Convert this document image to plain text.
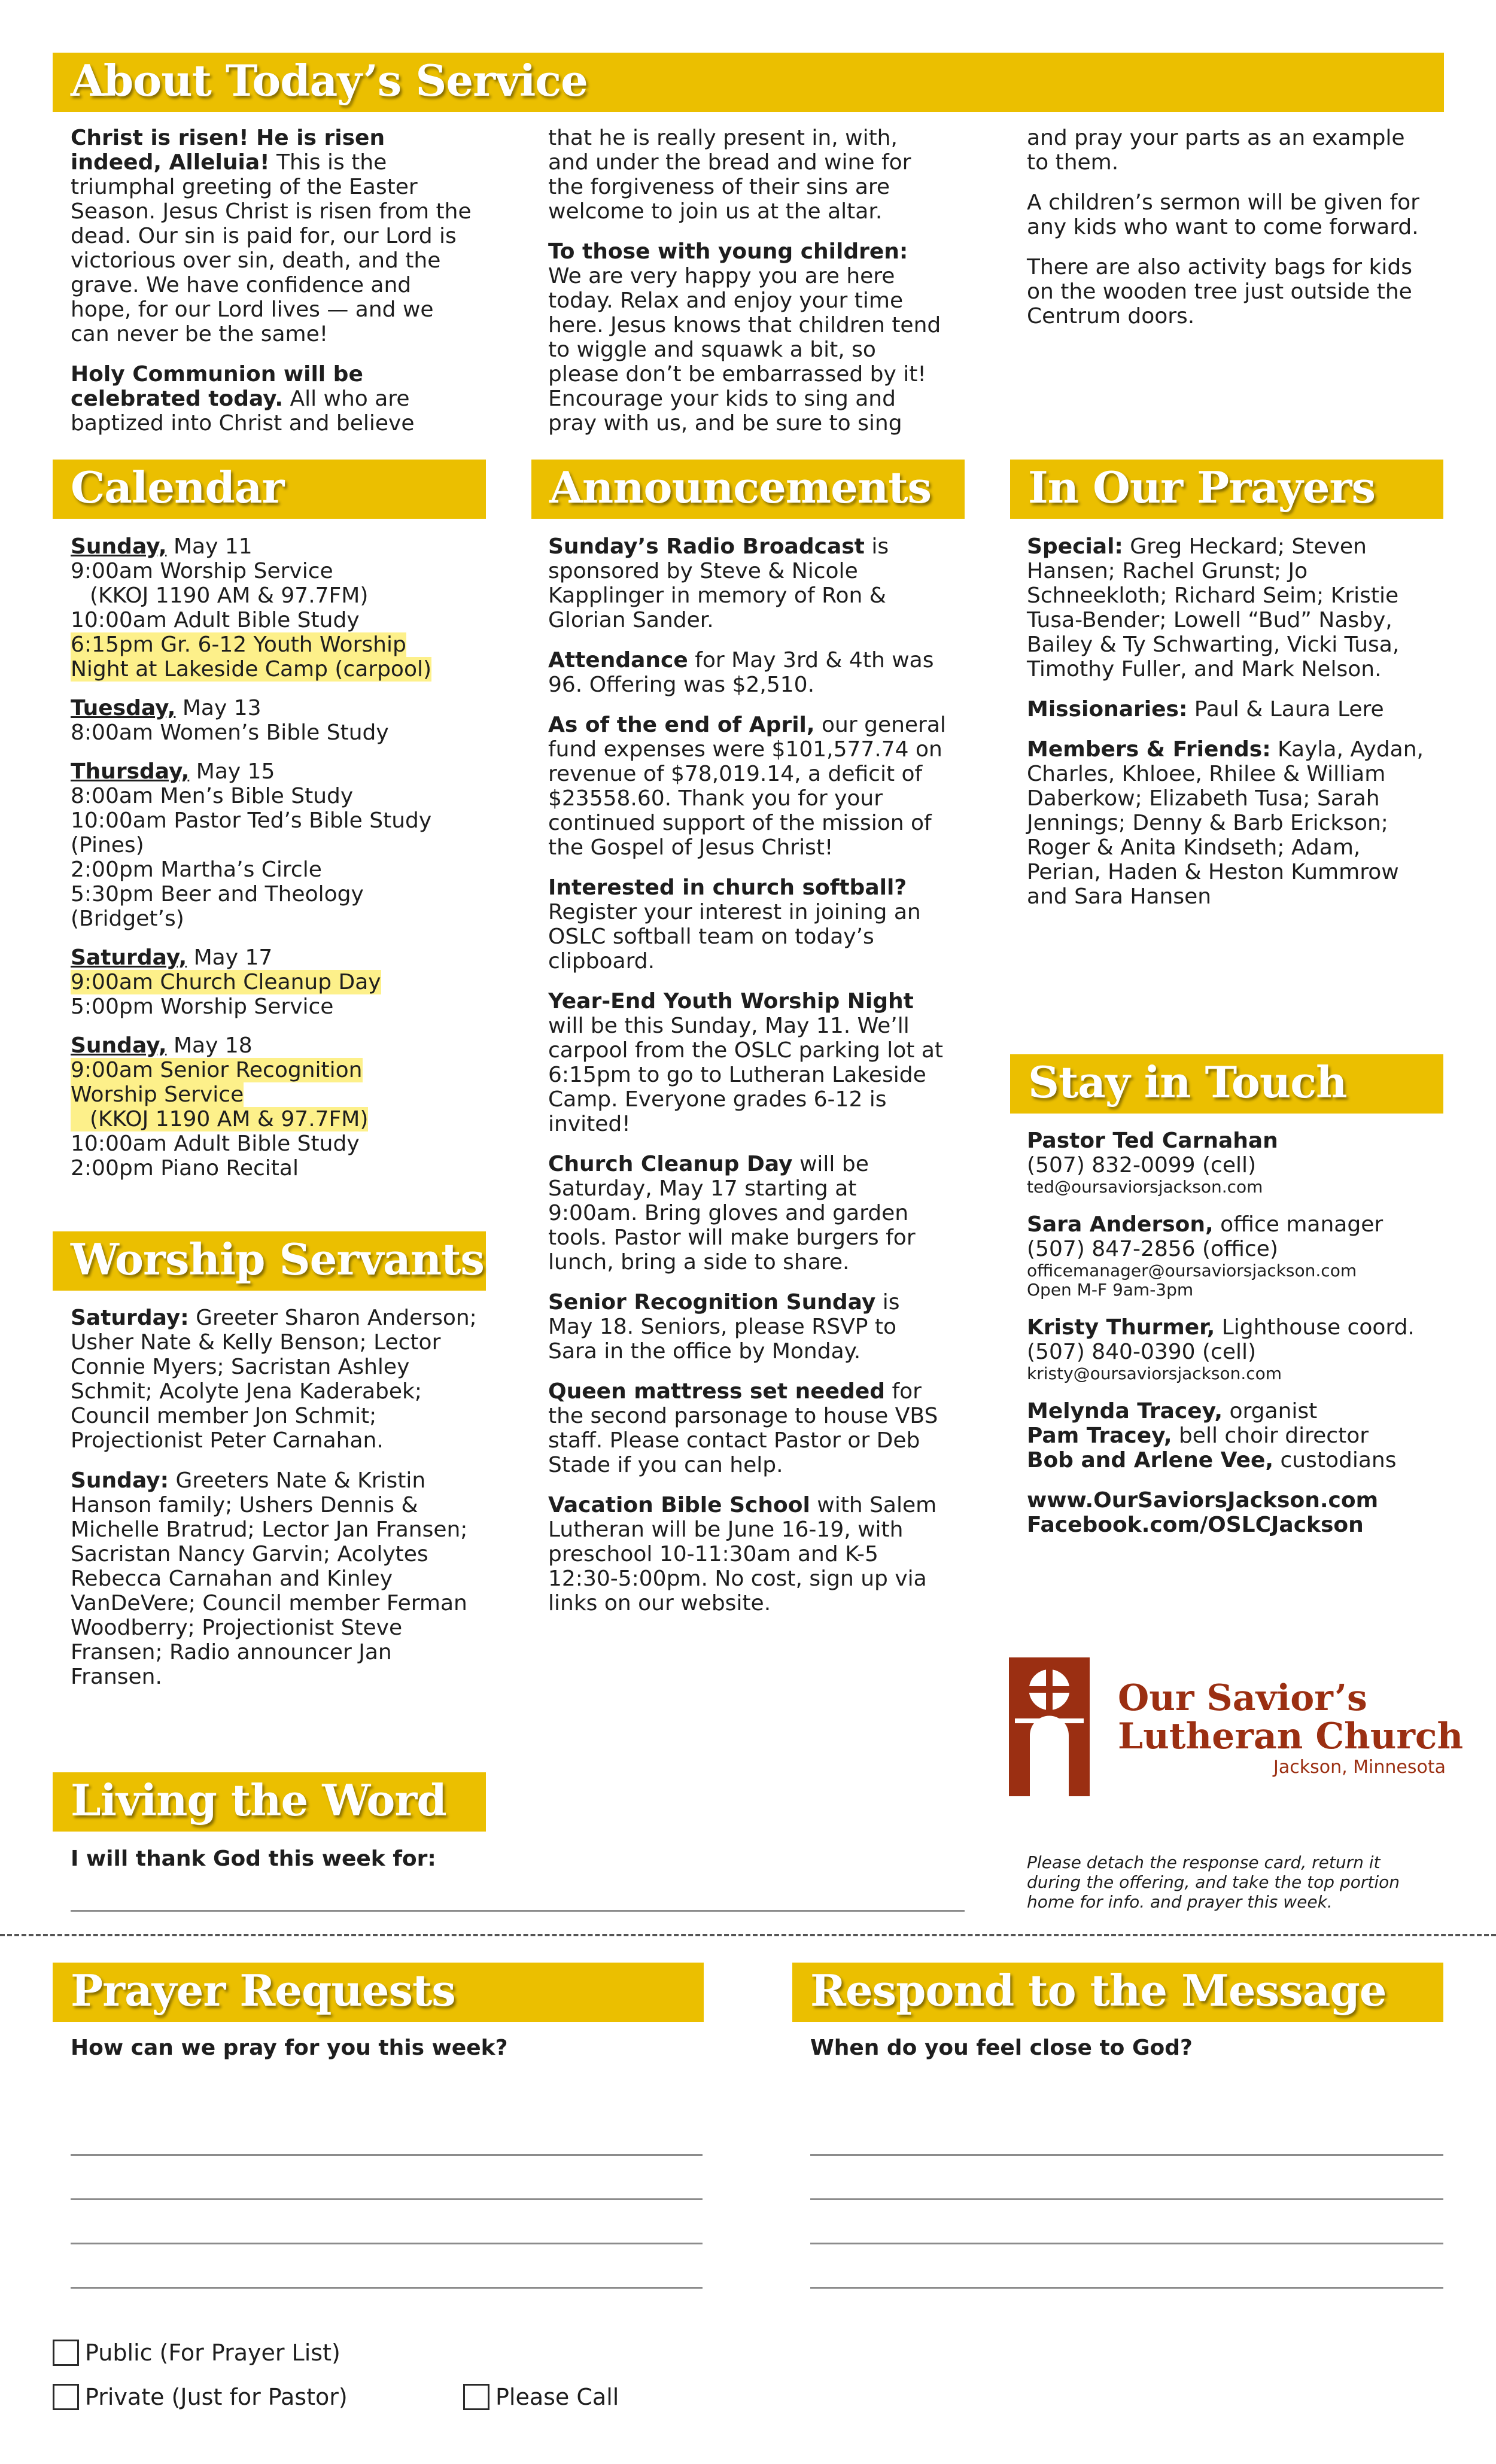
About Today’s Service

Christ is risen! He is risen indeed, Alleluia! This is the triumphal greeting of the Easter Season. Jesus Christ is risen from the dead. Our sin is paid for, our Lord is victorious over sin, death, and the grave. We have confidence and hope, for our Lord lives — and we can never be the same!

Holy Communion will be celebrated today. All who are baptized into Christ and believe

that he is really present in, with, and under the bread and wine for the forgiveness of their sins are welcome to join us at the altar.

To those with young children: We are very happy you are here today. Relax and enjoy your time here. Jesus knows that children tend to wiggle and squawk a bit, so please don’t be embarrassed by it! Encourage your kids to sing and pray with us, and be sure to sing

and pray your parts as an example to them.

A children’s sermon will be given for any kids who want to come forward.

There are also activity bags for kids on the wooden tree just outside the Centrum doors.

Calendar
Sunday, May 11
9:00am Worship Service
(KKOJ 1190 AM & 97.7FM)
10:00am Adult Bible Study
6:15pm Gr. 6-12 Youth Worship
Night at Lakeside Camp (carpool)
Tuesday, May 13
8:00am Women’s Bible Study
Thursday, May 15
8:00am Men’s Bible Study
10:00am Pastor Ted’s Bible Study
(Pines)
2:00pm Martha’s Circle
5:30pm Beer and Theology
(Bridget’s)
Saturday, May 17
9:00am Church Cleanup Day
5:00pm Worship Service
Sunday, May 18
9:00am Senior Recognition
Worship Service
(KKOJ 1190 AM & 97.7FM)
10:00am Adult Bible Study
2:00pm Piano Recital
Worship Servants

Saturday: Greeter Sharon Anderson; Usher Nate & Kelly Benson; Lector Connie Myers; Sacristan Ashley Schmit; Acolyte Jena Kaderabek; Council member Jon Schmit; Projectionist Peter Carnahan.

Sunday: Greeters Nate & Kristin Hanson family; Ushers Dennis & Michelle Bratrud; Lector Jan Fransen; Sacristan Nancy Garvin; Acolytes Rebecca Carnahan and Kinley VanDeVere; Council member Ferman Woodberry; Projectionist Steve Fransen; Radio announcer Jan Fransen.

Living the Word
I will thank God this week for:
Announcements

Sunday’s Radio Broadcast is sponsored by Steve & Nicole Kapplinger in memory of Ron & Glorian Sander.

Attendance for May 3rd & 4th was 96. Offering was $2,510.

As of the end of April, our general fund expenses were $101,577.74 on revenue of $78,019.14, a deficit of $23558.60. Thank you for your continued support of the mission of the Gospel of Jesus Christ!

Interested in church softball? Register your interest in joining an OSLC softball team on today’s clipboard.

Year-End Youth Worship Night will be this Sunday, May 11. We’ll carpool from the OSLC parking lot at 6:15pm to go to Lutheran Lakeside Camp. Everyone grades 6-12 is invited!

Church Cleanup Day will be Saturday, May 17 starting at 9:00am. Bring gloves and garden tools. Pastor will make burgers for lunch, bring a side to share.

Senior Recognition Sunday is May 18. Seniors, please RSVP to Sara in the office by Monday.

Queen mattress set needed for the second parsonage to house VBS staff. Please contact Pastor or Deb Stade if you can help.

Vacation Bible School with Salem Lutheran will be June 16-19, with preschool 10-11:30am and K-5 12:30-5:00pm. No cost, sign up via links on our website.

In Our Prayers

Special: Greg Heckard; Steven Hansen; Rachel Grunst; Jo Schneekloth; Richard Seim; Kristie Tusa-Bender; Lowell “Bud” Nasby, Bailey & Ty Schwarting, Vicki Tusa, Timothy Fuller, and Mark Nelson.

Missionaries: Paul & Laura Lere

Members & Friends: Kayla, Aydan, Charles, Khloee, Rhilee & William Daberkow; Elizabeth Tusa; Sarah Jennings; Denny & Barb Erickson; Roger & Anita Kindseth; Adam, Perian, Haden & Heston Kummrow and Sara Hansen

Stay in Touch

Pastor Ted Carnahan
(507) 832-0099 (cell)

ted@oursaviorsjackson.com

Sara Anderson, office manager
(507) 847-2856 (office)

officemanager@oursaviorsjackson.com
Open M-F 9am-3pm

Kristy Thurmer, Lighthouse coord.
(507) 840-0390 (cell)

kristy@oursaviorsjackson.com

Melynda Tracey, organist
Pam Tracey, bell choir director
Bob and Arlene Vee, custodians

www.OurSaviorsJackson.com
Facebook.com/OSLCJackson

Our Savior’s
Lutheran Church
Jackson, Minnesota
Please detach the response card, return it during the offering, and take the top portion home for info. and prayer this week.
Prayer Requests
How can we pray for you this week?
Public (For Prayer List)
Private (Just for Pastor)	Please Call
Respond to the Message
When do you feel close to God?
